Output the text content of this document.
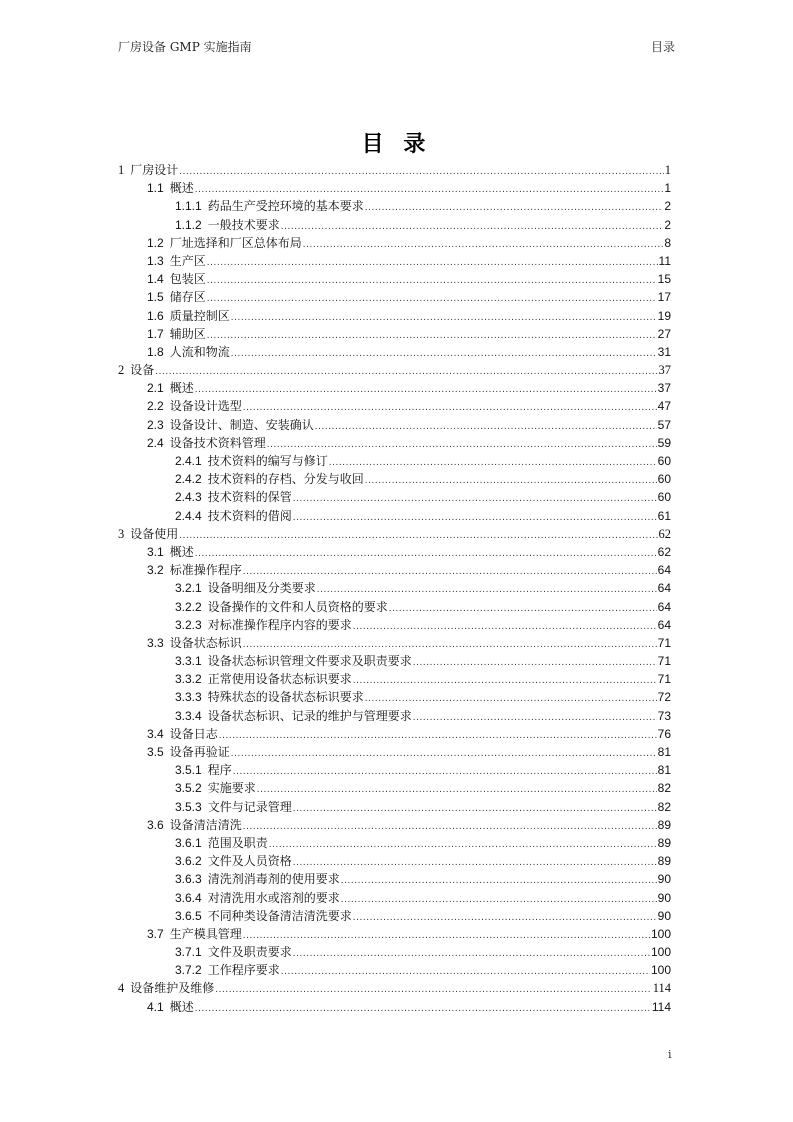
厂房设备 GMP 实施指南	目录
目 录
1 厂房设计 .....	1
1.1 概述 .....	1
1.1.1 药品生产受控环境的基本要求 .....	2
1.1.2 一般技术要求 .....	2
1.2 厂址选择和厂区总体布局 .....	8
1.3 生产区 .....	11
1.4 包装区 .....	15
1.5 储存区 .....	17
1.6 质量控制区 .....	19
1.7 辅助区 .....	27
1.8 人流和物流 .....	31
2 设备 .....	37
2.1 概述 .....	37
2.2 设备设计选型 .....	47
2.3 设备设计、制造、安装确认 .....	57
2.4 设备技术资料管理 .....	59
2.4.1 技术资料的编写与修订 .....	60
2.4.2 技术资料的存档、分发与收回 .....	60
2.4.3 技术资料的保管 .....	60
2.4.4 技术资料的借阅 .....	61
3 设备使用 .....	62
3.1 概述 .....	62
3.2 标准操作程序 .....	64
3.2.1 设备明细及分类要求 .....	64
3.2.2 设备操作的文件和人员资格的要求 .....	64
3.2.3 对标准操作程序内容的要求 .....	64
3.3 设备状态标识 .....	71
3.3.1 设备状态标识管理文件要求及职责要求 .....	71
3.3.2 正常使用设备状态标识要求 .....	71
3.3.3 特殊状态的设备状态标识要求 .....	72
3.3.4 设备状态标识、记录的维护与管理要求 .....	73
3.4 设备日志 .....	76
3.5 设备再验证 .....	81
3.5.1 程序 .....	81
3.5.2 实施要求 .....	82
3.5.3 文件与记录管理 .....	82
3.6 设备清洁清洗 .....	89
3.6.1 范围及职责 .....	89
3.6.2 文件及人员资格 .....	89
3.6.3 清洗剂消毒剂的使用要求 .....	90
3.6.4 对清洗用水或溶剂的要求 .....	90
3.6.5 不同种类设备清洁清洗要求 .....	90
3.7 生产模具管理 .....	100
3.7.1 文件及职责要求 .....	100
3.7.2 工作程序要求 .....	100
4 设备维护及维修 .....	114
4.1 概述 .....	114
i
